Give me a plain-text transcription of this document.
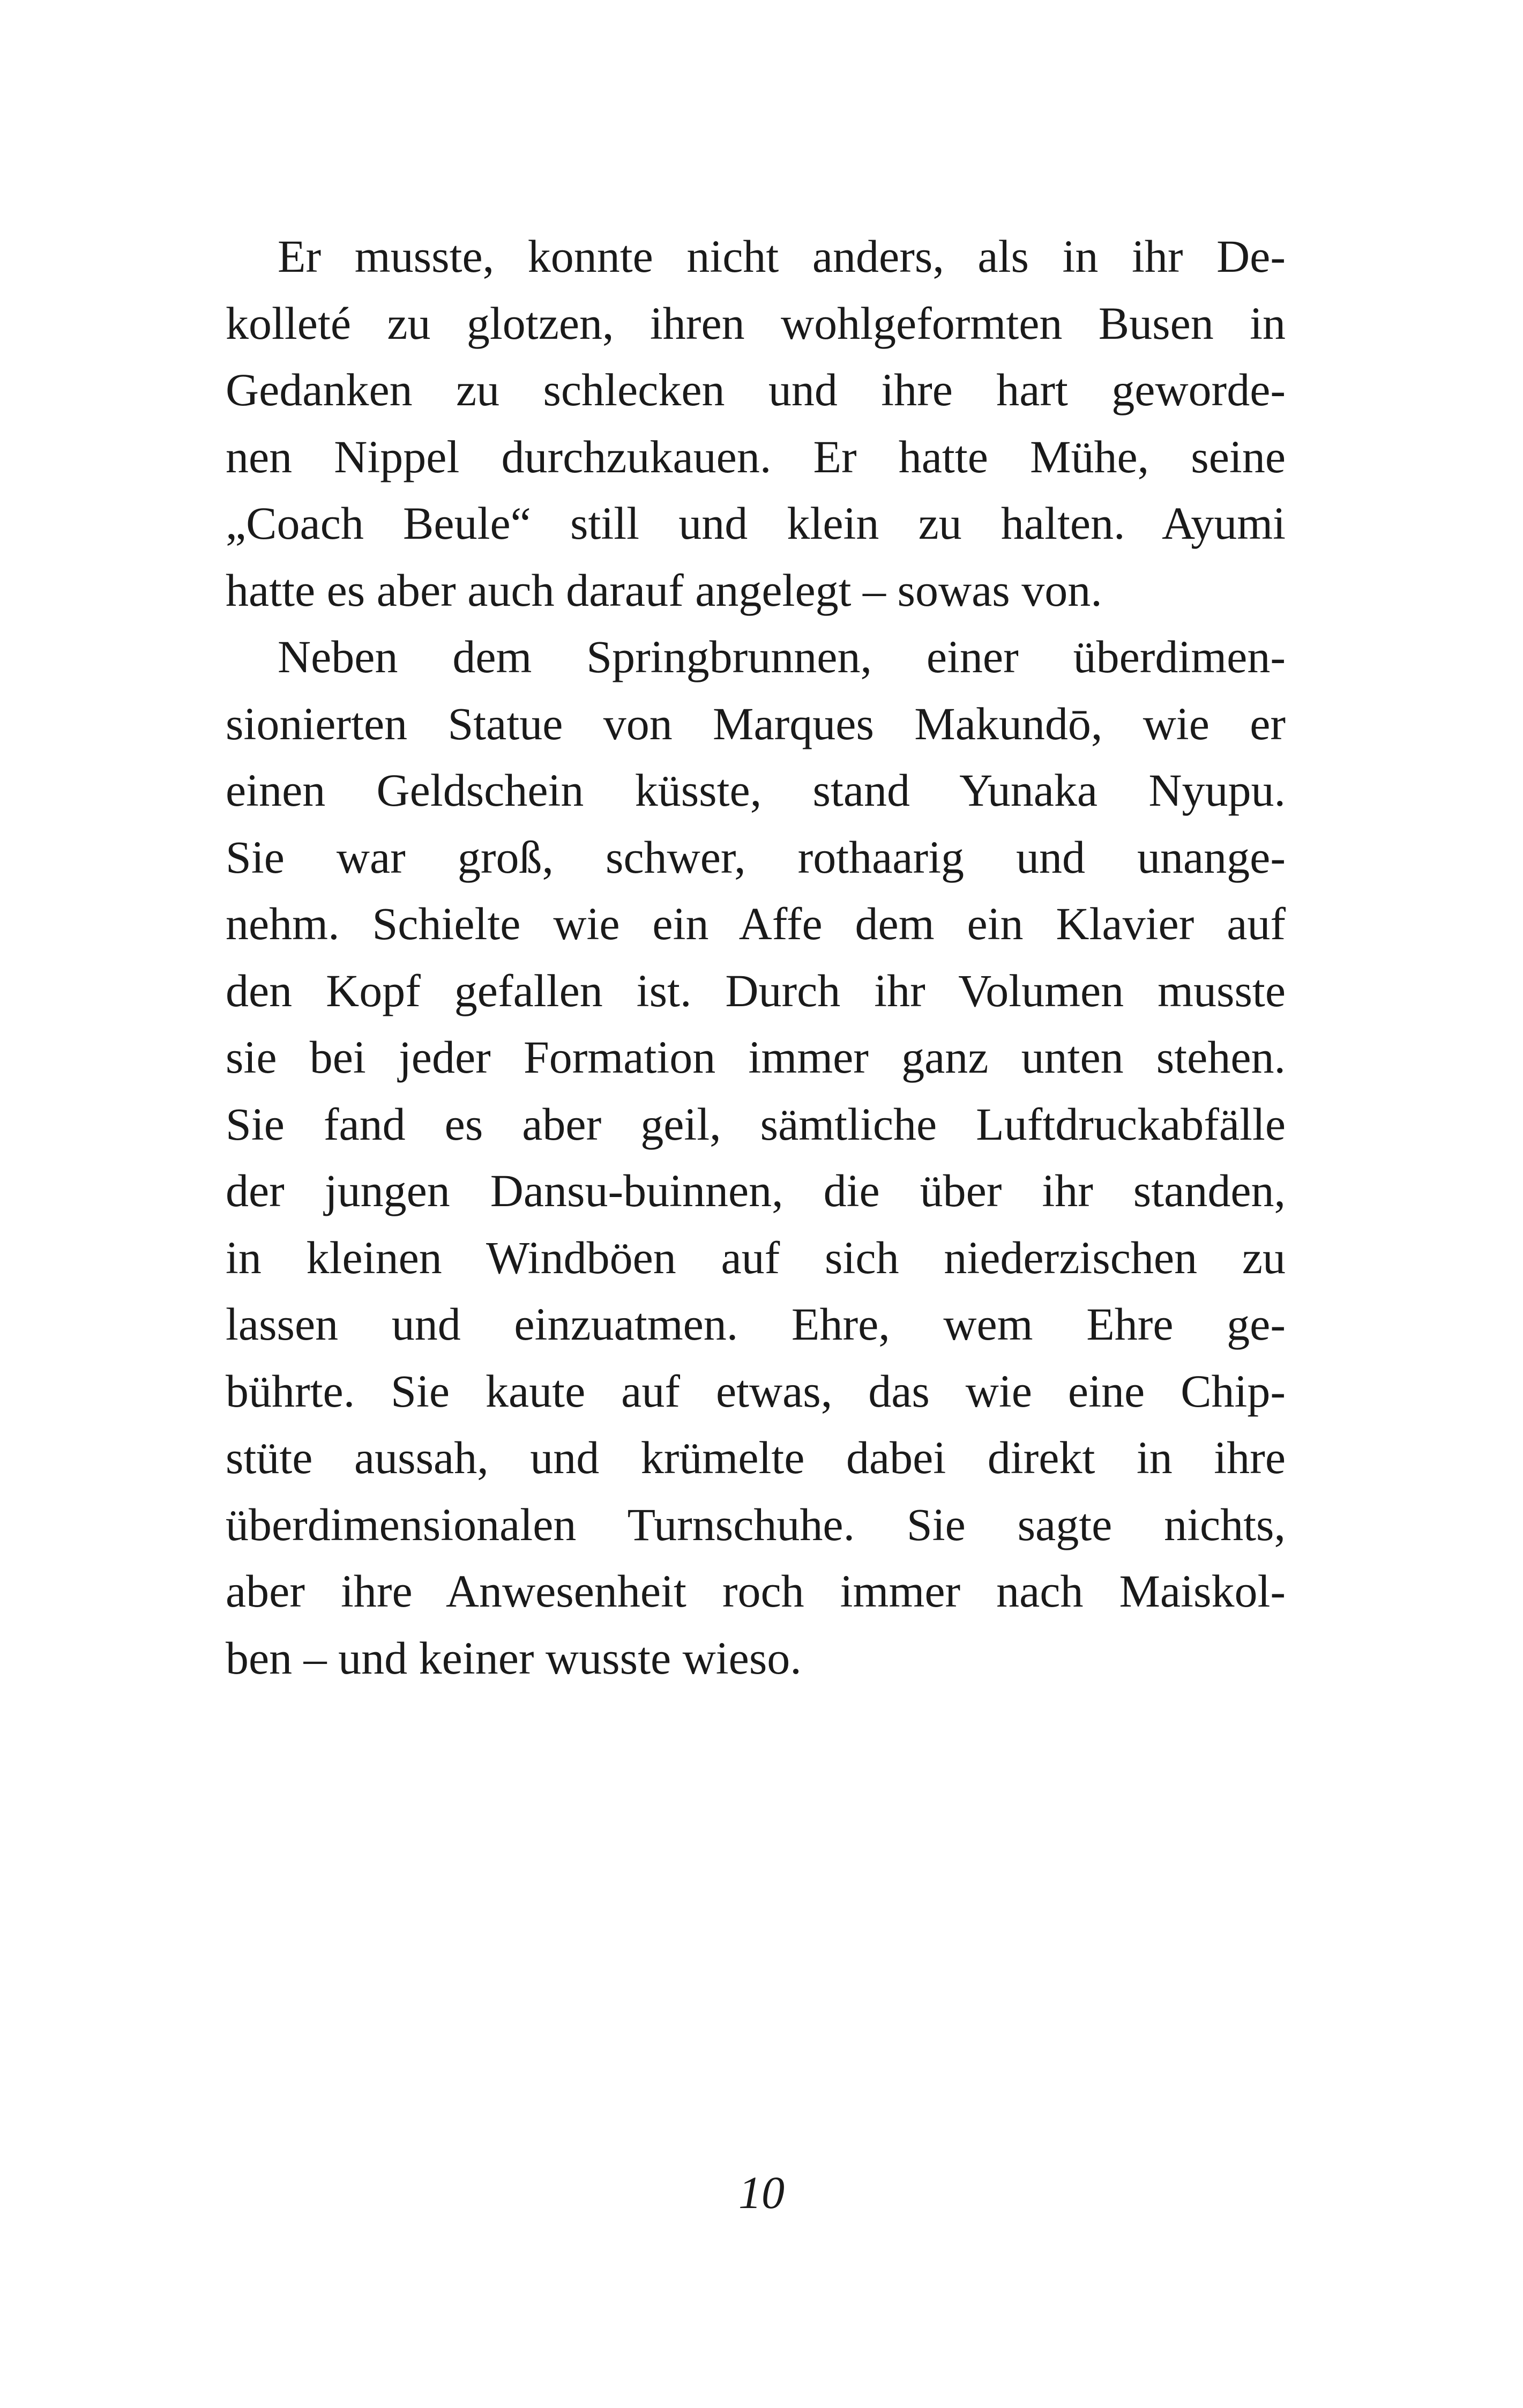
Er musste, konnte nicht anders, als in ihr De-
kolleté zu glotzen, ihren wohlgeformten Busen in
Gedanken zu schlecken und ihre hart geworde-
nen Nippel durchzukauen. Er hatte Mühe, seine
„Coach Beule“ still und klein zu halten. Ayumi
hatte es aber auch darauf angelegt – sowas von.
Neben dem Springbrunnen, einer überdimen-
sionierten Statue von Marques Makundō, wie er
einen Geldschein küsste, stand Yunaka Nyupu.
Sie war groß, schwer, rothaarig und unange-
nehm. Schielte wie ein Affe dem ein Klavier auf
den Kopf gefallen ist. Durch ihr Volumen musste
sie bei jeder Formation immer ganz unten stehen.
Sie fand es aber geil, sämtliche Luftdruckabfälle
der jungen Dansu-buinnen, die über ihr standen,
in kleinen Windböen auf sich niederzischen zu
lassen und einzuatmen. Ehre, wem Ehre ge-
bührte. Sie kaute auf etwas, das wie eine Chip-
stüte aussah, und krümelte dabei direkt in ihre
überdimensionalen Turnschuhe. Sie sagte nichts,
aber ihre Anwesenheit roch immer nach Maiskol-
ben – und keiner wusste wieso.
10
